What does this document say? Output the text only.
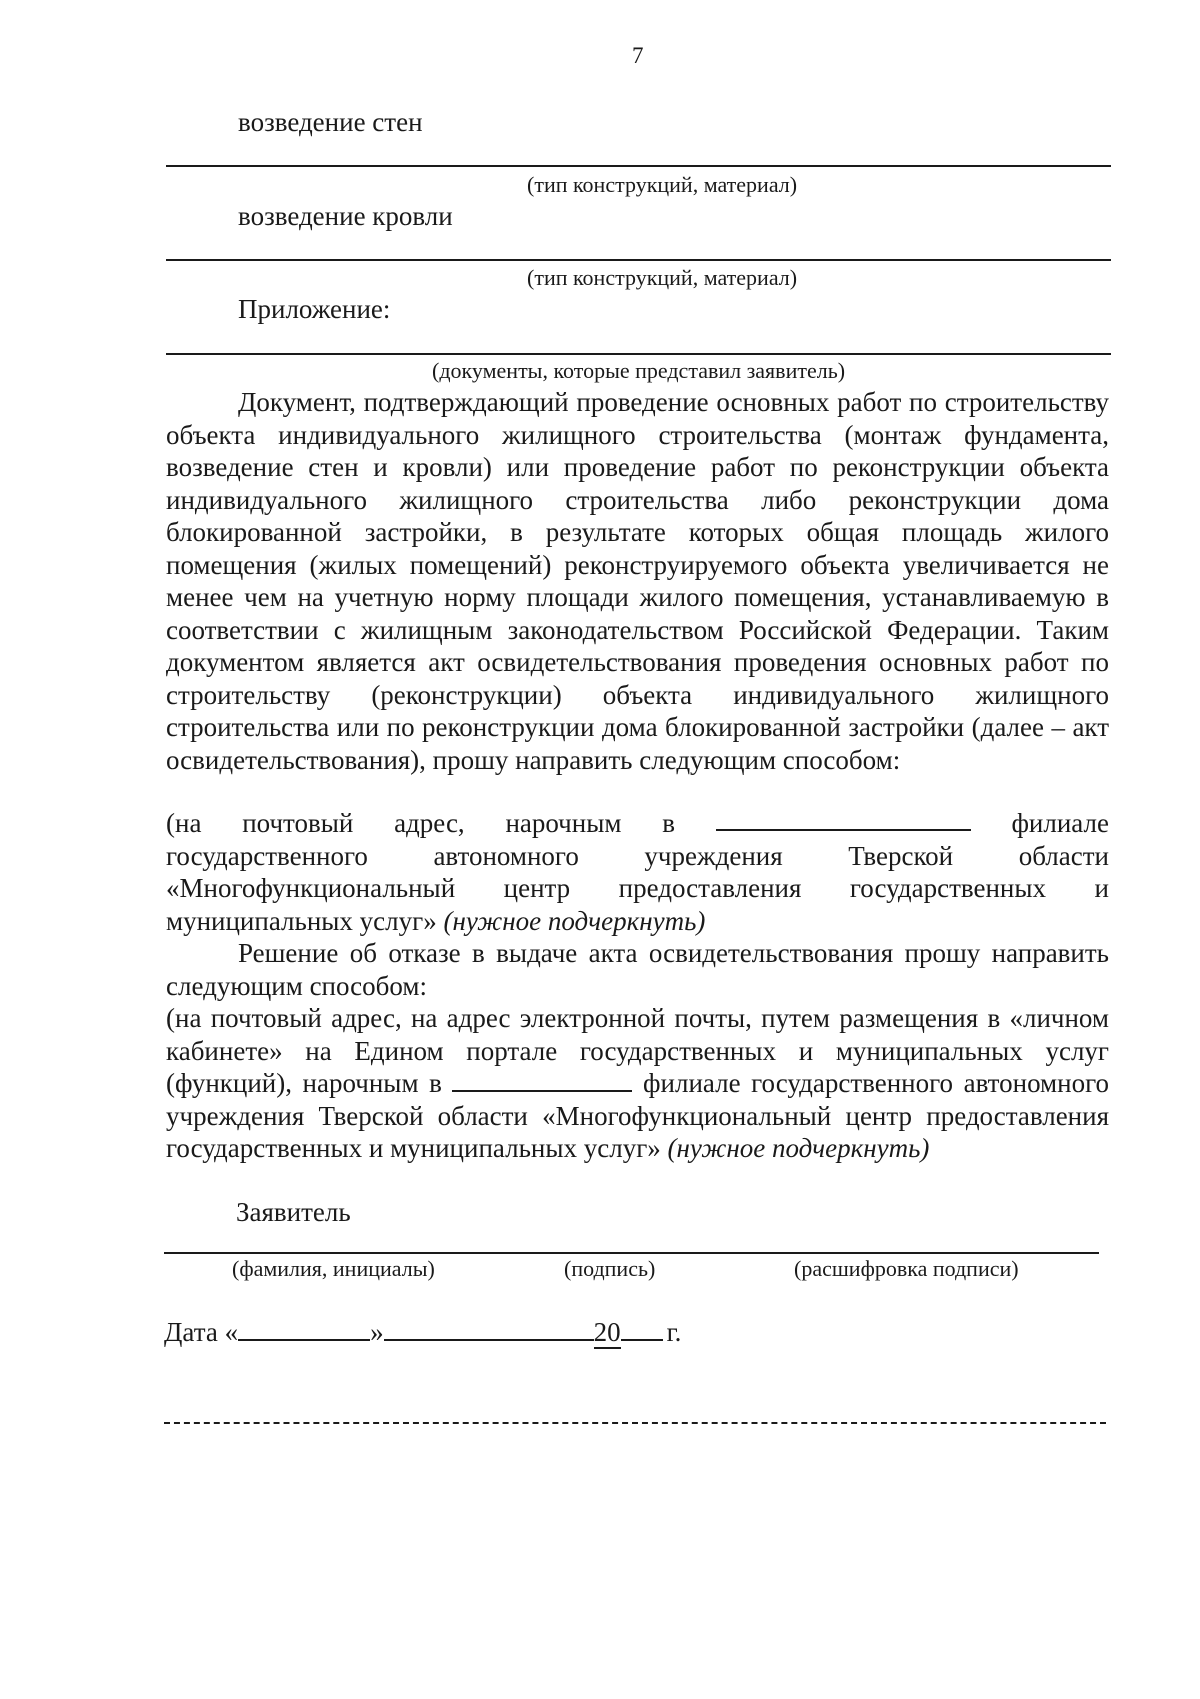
7
возведение стен
(тип конструкций, материал)
возведение кровли
(тип конструкций, материал)
Приложение:
(документы, которые представил заявитель)
Документ, подтверждающий проведение основных работ по строительству объекта индивидуального жилищного строительства (монтаж фундамента, возведение стен и кровли) или проведение работ по реконструкции объекта индивидуального жилищного строительства либо реконструкции дома блокированной застройки, в результате которых общая площадь жилого помещения (жилых помещений) реконструируемого объекта увеличивается не менее чем на учетную норму площади жилого помещения, устанавливаемую в соответствии с жилищным законодательством Российской Федерации. Таким документом является акт освидетельствования проведения основных работ по строительству (реконструкции) объекта индивидуального жилищного строительства или по реконструкции дома блокированной застройки (далее – акт освидетельствования), прошу направить следующим способом:
(на почтовый адрес, нарочным в	филиале
государственного автономного учреждения Тверской области
«Многофункциональный центр предоставления государственных и
муниципальных услуг» (нужное подчеркнуть)
Решение об отказе в выдаче акта освидетельствования прошу направить следующим способом:
(на почтовый адрес, на адрес электронной почты, путем размещения в «личном кабинете» на Едином портале государственных и муниципальных услуг (функций), нарочным в	филиале государственного автономного учреждения Тверской области «Многофункциональный центр предоставления государственных и муниципальных услуг» (нужное подчеркнуть)
Заявитель
(фамилия, инициалы)	(подпись)	(расшифровка подписи)
Дата «	»	20 г.
